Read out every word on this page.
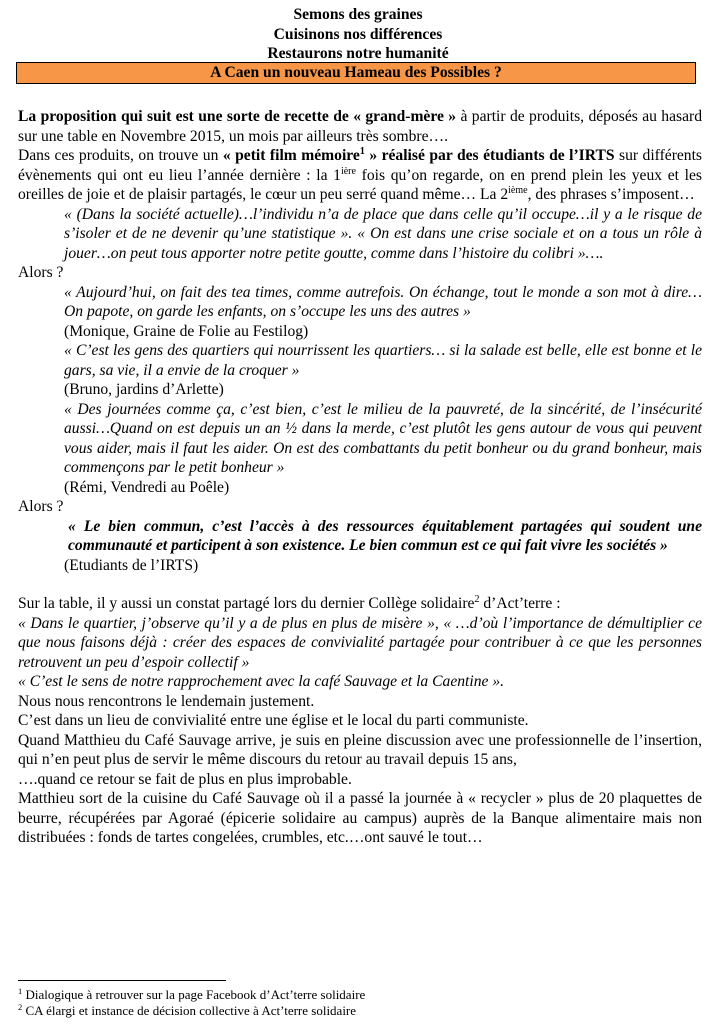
Semons des graines
Cuisinons nos différences
Restaurons notre humanité
A Caen un nouveau Hameau des Possibles ?

La proposition qui suit est une sorte de recette de « grand-mère » à partir de produits, déposés au hasard sur une table en Novembre 2015, un mois par ailleurs très sombre….

Dans ces produits, on trouve un « petit film mémoire$^1$ » réalisé par des étudiants de l’IRTS sur différents évènements qui ont eu lieu l’année dernière : la $1^{ière}$ fois qu’on regarde, on en prend plein les yeux et les oreilles de joie et de plaisir partagés, le cœur un peu serré quand même… La 2ième, des phrases s’imposent…

« (Dans la société actuelle)…l’individu n’a de place que dans celle qu’il occupe…il y a le risque de s’isoler et de ne devenir qu’une statistique ». « On est dans une crise sociale et on a tous un rôle à jouer…on peut tous apporter notre petite goutte, comme dans l’histoire du colibri »….

Alors ?

« Aujourd’hui, on fait des tea times, comme autrefois. On échange, tout le monde a son mot à dire…On papote, on garde les enfants, on s’occupe les uns des autres »

(Monique, Graine de Folie au Festilog)

« C’est les gens des quartiers qui nourrissent les quartiers… si la salade est belle, elle est bonne et le gars, sa vie, il a envie de la croquer »

(Bruno, jardins d’Arlette)

« Des journées comme ça, c’est bien, c’est le milieu de la pauvreté, de la sincérité, de l’insécurité aussi…Quand on est depuis un an ½ dans la merde, c’est plutôt les gens autour de vous qui peuvent vous aider, mais il faut les aider. On est des combattants du petit bonheur ou du grand bonheur, mais commençons par le petit bonheur »

(Rémi, Vendredi au Poêle)

Alors ?

« Le bien commun, c’est l’accès à des ressources équitablement partagées qui soudent une communauté et participent à son existence. Le bien commun est ce qui fait vivre les sociétés »

(Etudiants de l’IRTS)

Sur la table, il y aussi un constat partagé lors du dernier Collège solidaire$^2$ d’Act’terre :

« Dans le quartier, j’observe qu’il y a de plus en plus de misère », « …d’où l’importance de démultiplier ce que nous faisons déjà : créer des espaces de convivialité partagée pour contribuer à ce que les personnes retrouvent un peu d’espoir collectif »

« C’est le sens de notre rapprochement avec la café Sauvage et la Caentine ».

Nous nous rencontrons le lendemain justement.

C’est dans un lieu de convivialité entre une église et le local du parti communiste.

Quand Matthieu du Café Sauvage arrive, je suis en pleine discussion avec une professionnelle de l’insertion, qui n’en peut plus de servir le même discours du retour au travail depuis 15 ans,

….quand ce retour se fait de plus en plus improbable.

Matthieu sort de la cuisine du Café Sauvage où il a passé la journée à « recycler » plus de 20 plaquettes de beurre, récupérées par Agoraé (épicerie solidaire au campus) auprès de la Banque alimentaire mais non distribuées : fonds de tartes congelées, crumbles, etc.…ont sauvé le tout…

$^1$ Dialogique à retrouver sur la page Facebook d’Act’terre solidaire
$^2$ CA élargi et instance de décision collective à Act’terre solidaire
